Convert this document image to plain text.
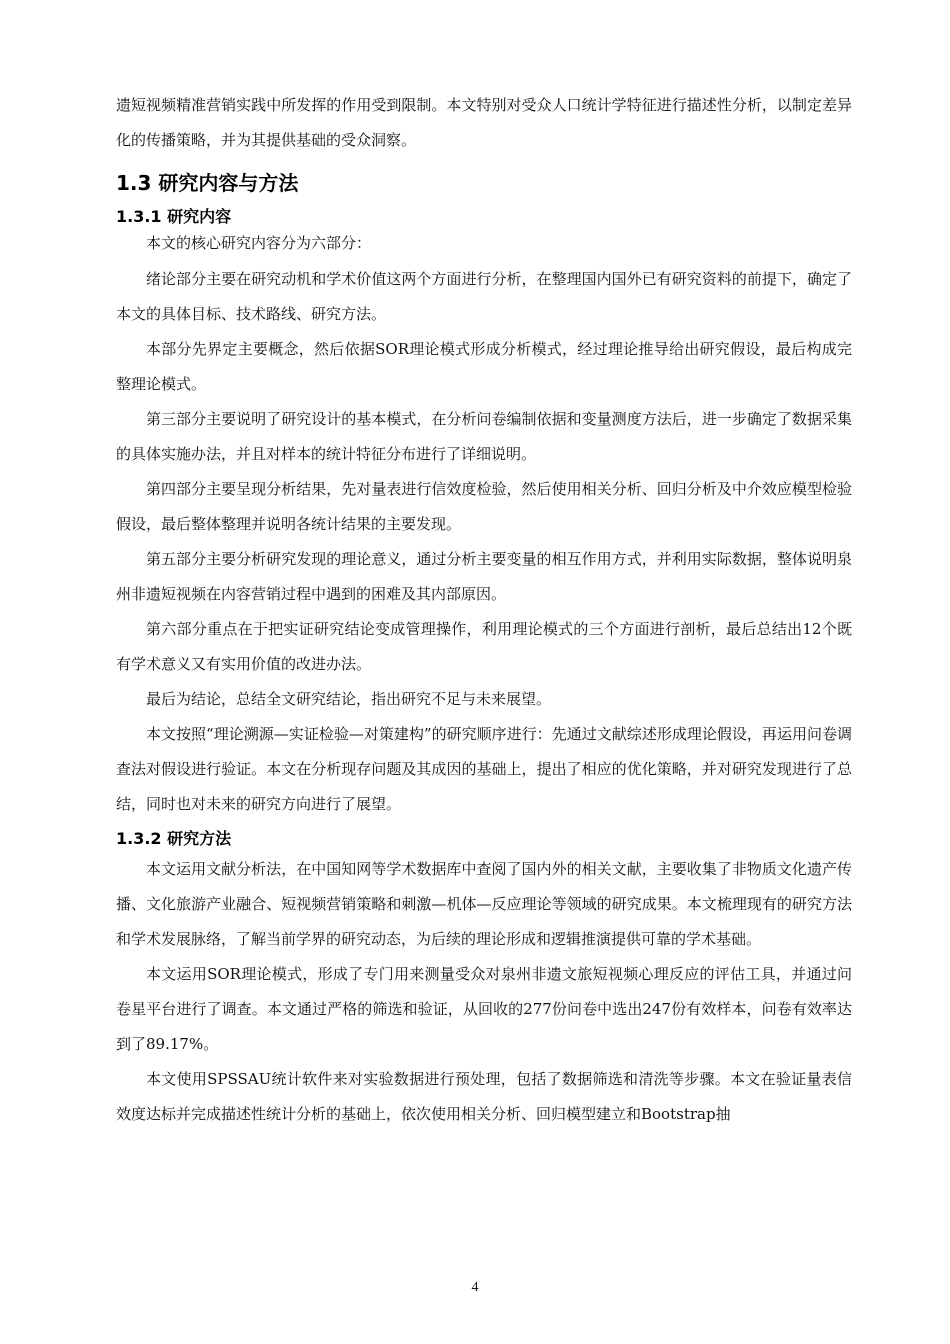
遗短视频精准营销实践中所发挥的作用受到限制。本文特别对受众人口统计学特征进行描述性分析，以制定差异化的传播策略，并为其提供基础的受众洞察。

1.3 研究内容与方法
1.3.1 研究内容

本文的核心研究内容分为六部分：

绪论部分主要在研究动机和学术价值这两个方面进行分析，在整理国内国外已有研究资料的前提下，确定了本文的具体目标、技术路线、研究方法。

本部分先界定主要概念，然后依据SOR理论模式形成分析模式，经过理论推导给出研究假设，最后构成完整理论模式。

第三部分主要说明了研究设计的基本模式，在分析问卷编制依据和变量测度方法后，进一步确定了数据采集的具体实施办法，并且对样本的统计特征分布进行了详细说明。

第四部分主要呈现分析结果，先对量表进行信效度检验，然后使用相关分析、回归分析及中介效应模型检验假设，最后整体整理并说明各统计结果的主要发现。

第五部分主要分析研究发现的理论意义，通过分析主要变量的相互作用方式，并利用实际数据，整体说明泉州非遗短视频在内容营销过程中遇到的困难及其内部原因。

第六部分重点在于把实证研究结论变成管理操作，利用理论模式的三个方面进行剖析，最后总结出12个既有学术意义又有实用价值的改进办法。

最后为结论，总结全文研究结论，指出研究不足与未来展望。

本文按照“理论溯源—实证检验—对策建构”的研究顺序进行：先通过文献综述形成理论假设，再运用问卷调查法对假设进行验证。本文在分析现存问题及其成因的基础上，提出了相应的优化策略，并对研究发现进行了总结，同时也对未来的研究方向进行了展望。

1.3.2 研究方法

本文运用文献分析法，在中国知网等学术数据库中查阅了国内外的相关文献，主要收集了非物质文化遗产传播、文化旅游产业融合、短视频营销策略和刺激—机体—反应理论等领域的研究成果。本文梳理现有的研究方法和学术发展脉络，了解当前学界的研究动态，为后续的理论形成和逻辑推演提供可靠的学术基础。

本文运用SOR理论模式，形成了专门用来测量受众对泉州非遗文旅短视频心理反应的评估工具，并通过问卷星平台进行了调查。本文通过严格的筛选和验证，从回收的277份问卷中选出247份有效样本，问卷有效率达到了89.17%。

本文使用SPSSAU统计软件来对实验数据进行预处理，包括了数据筛选和清洗等步骤。本文在验证量表信效度达标并完成描述性统计分析的基础上，依次使用相关分析、回归模型建立和Bootstrap抽

4
